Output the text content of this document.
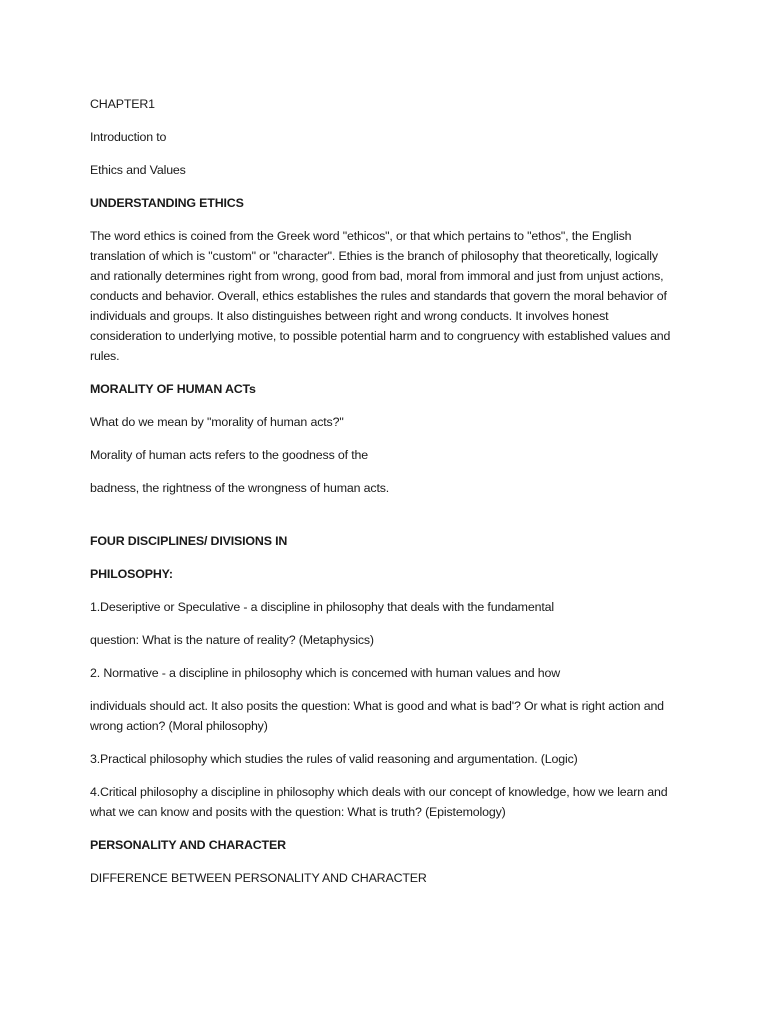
CHAPTER1
Introduction to
Ethics and Values
UNDERSTANDING ETHICS
The word ethics is coined from the Greek word "ethicos", or that which pertains to "ethos", the English translation of which is "custom" or "character". Ethies is the branch of philosophy that theoretically, logically and rationally determines right from wrong, good from bad, moral from immoral and just from unjust actions, conducts and behavior. Overall, ethics establishes the rules and standards that govern the moral behavior of individuals and groups. It also distinguishes between right and wrong conducts. It involves honest consideration to underlying motive, to possible potential harm and to congruency with established values and rules.
MORALITY OF HUMAN ACTs
What do we mean by "morality of human acts?"
Morality of human acts refers to the goodness of the
badness, the rightness of the wrongness of human acts.
FOUR DISCIPLINES/ DIVISIONS IN
PHILOSOPHY:
1.Deseriptive or Speculative - a discipline in philosophy that deals with the fundamental
question: What is the nature of reality? (Metaphysics)
2. Normative - a discipline in philosophy which is concemed with human values and how
individuals should act. It also posits the question: What is good and what is bad'? Or what is right action and wrong action? (Moral philosophy)
3.Practical philosophy which studies the rules of valid reasoning and argumentation. (Logic)
4.Critical philosophy a discipline in philosophy which deals with our concept of knowledge, how we learn and what we can know and posits with the question: What is truth? (Epistemology)
PERSONALITY AND CHARACTER
DIFFERENCE BETWEEN PERSONALITY AND CHARACTER
